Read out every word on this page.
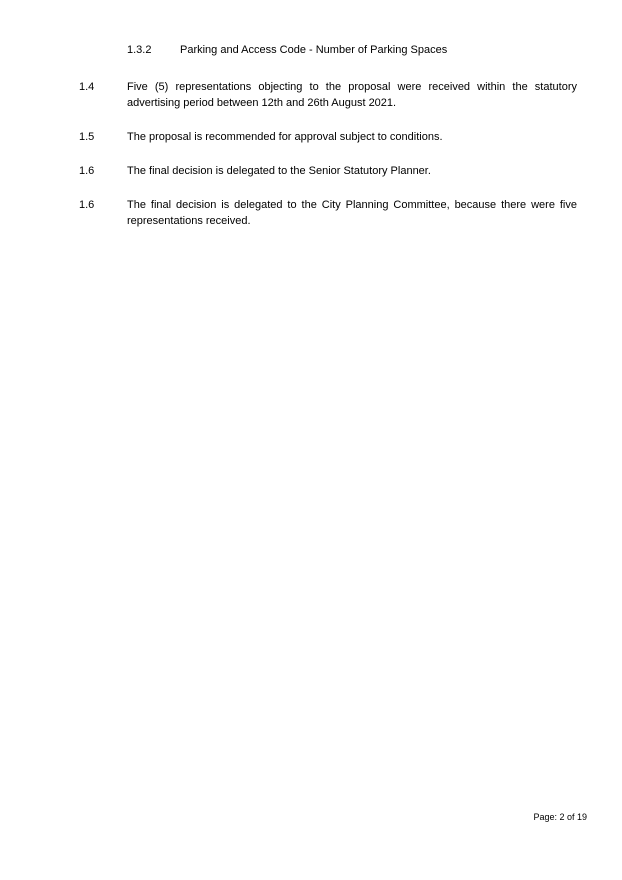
1.3.2	Parking and Access Code - Number of Parking Spaces
1.4	Five (5) representations objecting to the proposal were received within the statutory advertising period between 12th and 26th August 2021.

1.5	The proposal is recommended for approval subject to conditions.

1.6	The final decision is delegated to the Senior Statutory Planner.

1.6	The final decision is delegated to the City Planning Committee, because there were five representations received.

Page: 2 of 19
